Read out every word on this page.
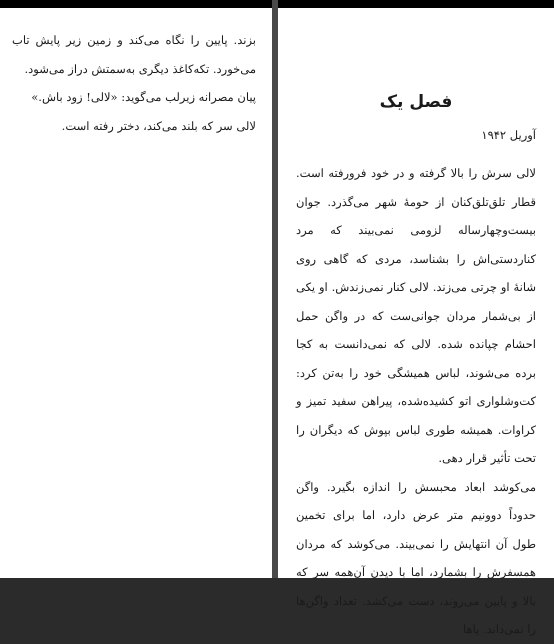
بزند. پایین را نگاه می‌کند و زمین زیر پایش تاب می‌خورد. تکه‌کاغذ دیگری به‌سمتش دراز می‌شود.

پیان مصرانه زیرلب می‌گوید: «لالی! زود باش.»

لالی سر که بلند می‌کند، دختر رفته است.

فصل یک
آوریل ۱۹۴۲

لالی سرش را بالا گرفته و در خود فرورفته است. قطار تلق‌تلق‌کنان از حومهٔ شهر می‌گذرد. جوان بیست‌وچهارساله لزومی نمی‌بیند که مرد کناردستی‌اش را بشناسد، مردی که گاهی روی شانهٔ او چرتی می‌زند. لالی کنار نمی‌زندش. او یکی از بی‌شمار مردان جوانی‌ست که در واگن حمل احشام چپانده شده. لالی که نمی‌دانست به کجا برده می‌شوند، لباس همیشگی خود را به‌تن کرد: کت‌وشلواری اتو کشیده‌شده، پیراهن سفید تمیز و کراوات. همیشه طوری لباس بپوش که دیگران را تحت تأثیر قرار دهی.

می‌کوشد ابعاد محبسش را اندازه بگیرد. واگن حدوداً دوونیم متر عرض دارد، اما برای تخمین طول آن انتهایش را نمی‌بیند. می‌کوشد که مردان همسفرش را بشمارد، اما با دیدن آن‌همه سر که بالا و پایین می‌روند، دست می‌کشد. تعداد واگن‌ها را نمی‌داند. پاها
